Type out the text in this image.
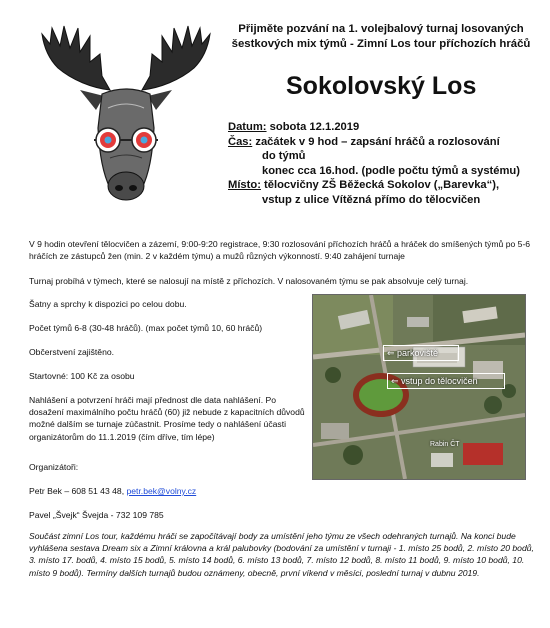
Přijměte pozvání na 1. volejbalový turnaj losovaných
šestkových mix týmů - Zimní Los tour příchozích hráčů
Sokolovský Los
Datum: sobota 12.1.2019
Čas: začátek v 9 hod – zapsání hráčů a rozlosování
do týmů
konec cca 16.hod. (podle počtu týmů a systému)
Místo: tělocvičny ZŠ Běžecká Sokolov („Barevka“),
vstup z ulice Vítězná přímo do tělocvičen
V 9 hodin otevření tělocvičen a zázemí, 9:00-9:20 registrace, 9:30 rozlosování příchozích hráčů a hráček do smíšených týmů po 5-6 hráčích ze zástupců žen (min. 2 v každém týmu) a mužů různých výkonností. 9:40 zahájení turnaje
Turnaj probíhá v týmech, které se nalosují na místě z příchozích. V nalosovaném týmu se pak absolvuje celý turnaj.
Šatny a sprchy k dispozici po celou dobu.
Počet týmů 6-8 (30-48 hráčů). (max počet týmů 10, 60 hráčů)
Občerstvení zajištěno.
Startovné: 100 Kč za osobu
Nahlášení a potvrzení hráči mají přednost dle data nahlášení. Po dosažení maximálního počtu hráčů (60) již nebude z kapacitních důvodů možné dalším se turnaje zúčastnit. Prosíme tedy o nahlášení účasti organizátorům do 11.1.2019 (čím dříve, tím lépe)
Organizátoři:
Petr Bek – 608 51 43 48, petr.bek@volny.cz
Pavel „Švejk“ Švejda - 732 109 785
⇐ parkoviště
⇐ vstup do tělocvičen
Rabin ČT
Součást zimní Los tour, každému hráči se započítávají body za umístění jeho týmu ze všech odehraných turnajů. Na konci bude vyhlášena sestava Dream six a Zimní královna a král palubovky (bodování za umístění v turnaji - 1. místo 25 bodů, 2. místo 20 bodů, 3. místo 17. bodů, 4. místo 15 bodů, 5. místo 14 bodů, 6. místo 13 bodů, 7. místo 12 bodů, 8. místo 11 bodů, 9. místo 10 bodů, 10. místo 9 bodů). Termíny dalších turnajů budou oznámeny, obecně, první víkend v měsíci, poslední turnaj v dubnu 2019.
